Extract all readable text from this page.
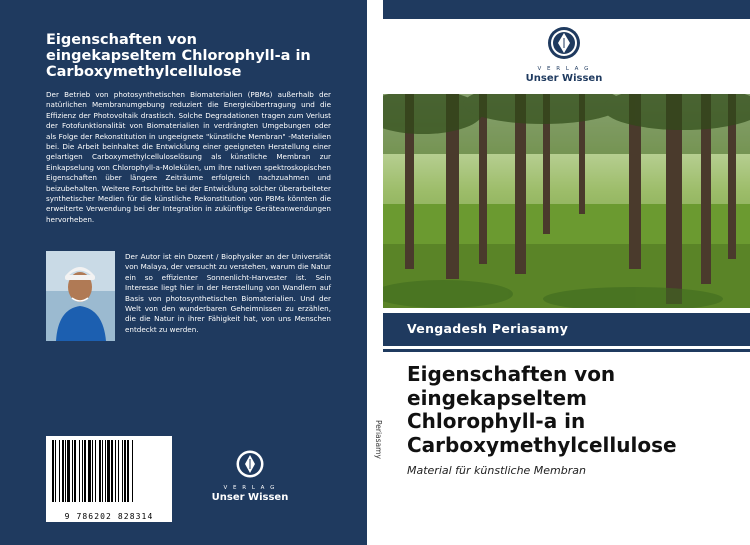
Eigenschaften von
eingekapseltem Chlorophyll-a in
Carboxymethylcellulose

Der Betrieb von photosynthetischen Biomaterialien (PBMs) außerhalb der natürlichen Membranumgebung reduziert die Energieübertragung und die Effizienz der Photovoltaik drastisch. Solche Degradationen tragen zum Verlust der Fotofunktionalität von Biomaterialien in verdrängten Umgebungen oder als Folge der Rekonstitution in ungeeignete "künstliche Membran" -Materialien bei. Die Arbeit beinhaltet die Entwicklung einer geeigneten Herstellung einer gelartigen Carboxymethylcelluloselösung als künstliche Membran zur Einkapselung von Chlorophyll-a-Molekülen, um ihre nativen spektroskopischen Eigenschaften über längere Zeiträume erfolgreich nachzuahmen und beizubehalten. Weitere Fortschritte bei der Entwicklung solcher überarbeiteter synthetischer Medien für die künstliche Rekonstitution von PBMs könnten die erweiterte Verwendung bei der Integration in zukünftige Geräteanwendungen hervorheben.

Der Autor ist ein Dozent / Biophysiker an der Universität von Malaya, der versucht zu verstehen, warum die Natur ein so effizienter Sonnenlicht-Harvester ist. Sein Interesse liegt hier in der Herstellung von Wandlern auf Basis von photosynthetischen Biomaterialien. Und der Welt von den wunderbaren Geheimnissen zu erzählen, die die Natur in ihrer Fähigkeit hat, von uns Menschen entdeckt zu werden.

9 786202 828314
V E R L A G
Unser Wissen
Periasamy
V E R L A G
Unser Wissen
Vengadesh Periasamy
Eigenschaften von
eingekapseltem
Chlorophyll-a in
Carboxymethylcellulose
Material für künstliche Membran
